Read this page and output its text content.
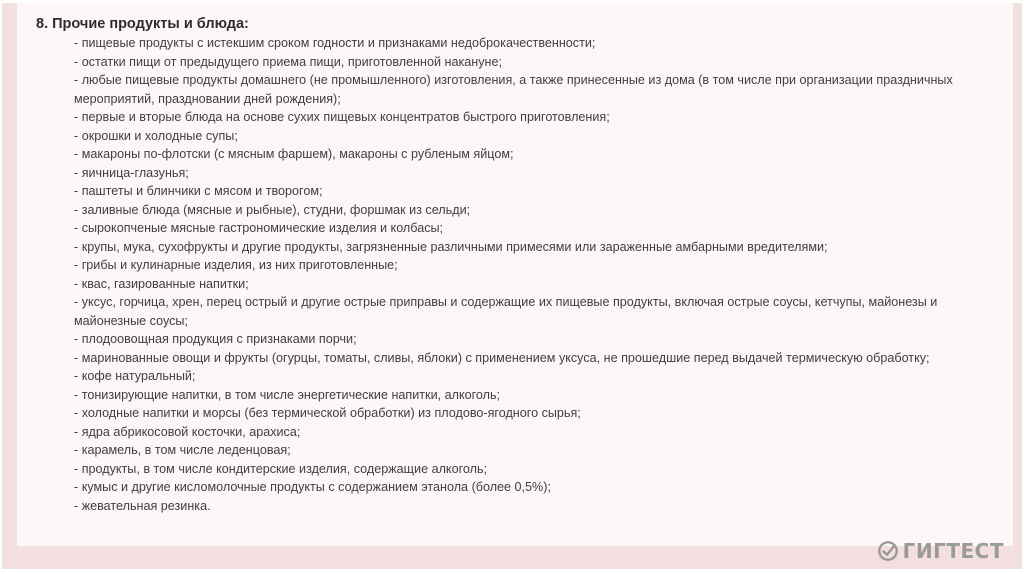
8. Прочие продукты и блюда:
- пищевые продукты с истекшим сроком годности и признаками недоброкачественности;
- остатки пищи от предыдущего приема пищи, приготовленной накануне;
- любые пищевые продукты домашнего (не промышленного) изготовления, а также принесенные из дома (в том числе при организации праздничных мероприятий, праздновании дней рождения);
- первые и вторые блюда на основе сухих пищевых концентратов быстрого приготовления;
- окрошки и холодные супы;
- макароны по-флотски (с мясным фаршем), макароны с рубленым яйцом;
- яичница-глазунья;
- паштеты и блинчики с мясом и творогом;
- заливные блюда (мясные и рыбные), студни, форшмак из сельди;
- сырокопченые мясные гастрономические изделия и колбасы;
- крупы, мука, сухофрукты и другие продукты, загрязненные различными примесями или зараженные амбарными вредителями;
- грибы и кулинарные изделия, из них приготовленные;
- квас, газированные напитки;
- уксус, горчица, хрен, перец острый и другие острые приправы и содержащие их пищевые продукты, включая острые соусы, кетчупы, майонезы и майонезные соусы;
- плодоовощная продукция с признаками порчи;
- маринованные овощи и фрукты (огурцы, томаты, сливы, яблоки) с применением уксуса, не прошедшие перед выдачей термическую обработку;
- кофе натуральный;
- тонизирующие напитки, в том числе энергетические напитки, алкоголь;
- холодные напитки и морсы (без термической обработки) из плодово-ягодного сырья;
- ядра абрикосовой косточки, арахиса;
- карамель, в том числе леденцовая;
- продукты, в том числе кондитерские изделия, содержащие алкоголь;
- кумыс и другие кисломолочные продукты с содержанием этанола (более 0,5%);
- жевательная резинка.
ГИГТЕСТ
